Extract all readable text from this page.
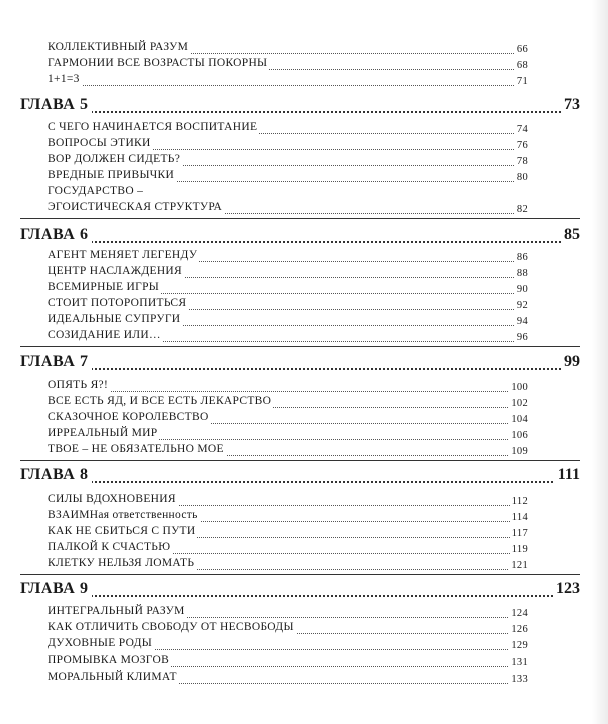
КОЛЛЕКТИВНЫЙ РАЗУМ	66
ГАРМОНИИ ВСЕ ВОЗРАСТЫ ПОКОРНЫ	68
1+1=3	71
ГЛАВА 5	73
С ЧЕГО НАЧИНАЕТСЯ ВОСПИТАНИЕ	74
ВОПРОСЫ ЭТИКИ	76
ВОР ДОЛЖЕН СИДЕТЬ?	78
ВРЕДНЫЕ ПРИВЫЧКИ	80
ГОСУДАРСТВО –
ЭГОИСТИЧЕСКАЯ СТРУКТУРА	82
ГЛАВА 6	85
АГЕНТ МЕНЯЕТ ЛЕГЕНДУ	86
ЦЕНТР НАСЛАЖДЕНИЯ	88
ВСЕМИРНЫЕ ИГРЫ	90
СТОИТ ПОТОРОПИТЬСЯ	92
ИДЕАЛЬНЫЕ СУПРУГИ	94
СОЗИДАНИЕ ИЛИ…	96
ГЛАВА 7	99
ОПЯТЬ Я?!	100
ВСЕ ЕСТЬ ЯД, И ВСЕ ЕСТЬ ЛЕКАРСТВО	102
СКАЗОЧНОЕ КОРОЛЕВСТВО	104
ИРРЕАЛЬНЫЙ МИР	106
ТВОЕ – НЕ ОБЯЗАТЕЛЬНО МОЕ	109
ГЛАВА 8	111
СИЛЫ ВДОХНОВЕНИЯ	112
ВЗАИМНая ответственность	114
КАК НЕ СБИТЬСЯ С ПУТИ	117
ПАЛКОЙ К СЧАСТЬЮ	119
КЛЕТКУ НЕЛЬЗЯ ЛОМАТЬ	121
ГЛАВА 9	123
ИНТЕГРАЛЬНЫЙ РАЗУМ	124
КАК ОТЛИЧИТЬ СВОБОДУ ОТ НЕСВОБОДЫ	126
ДУХОВНЫЕ РОДЫ	129
ПРОМЫВКА МОЗГОВ	131
МОРАЛЬНЫЙ КЛИМАТ	133
